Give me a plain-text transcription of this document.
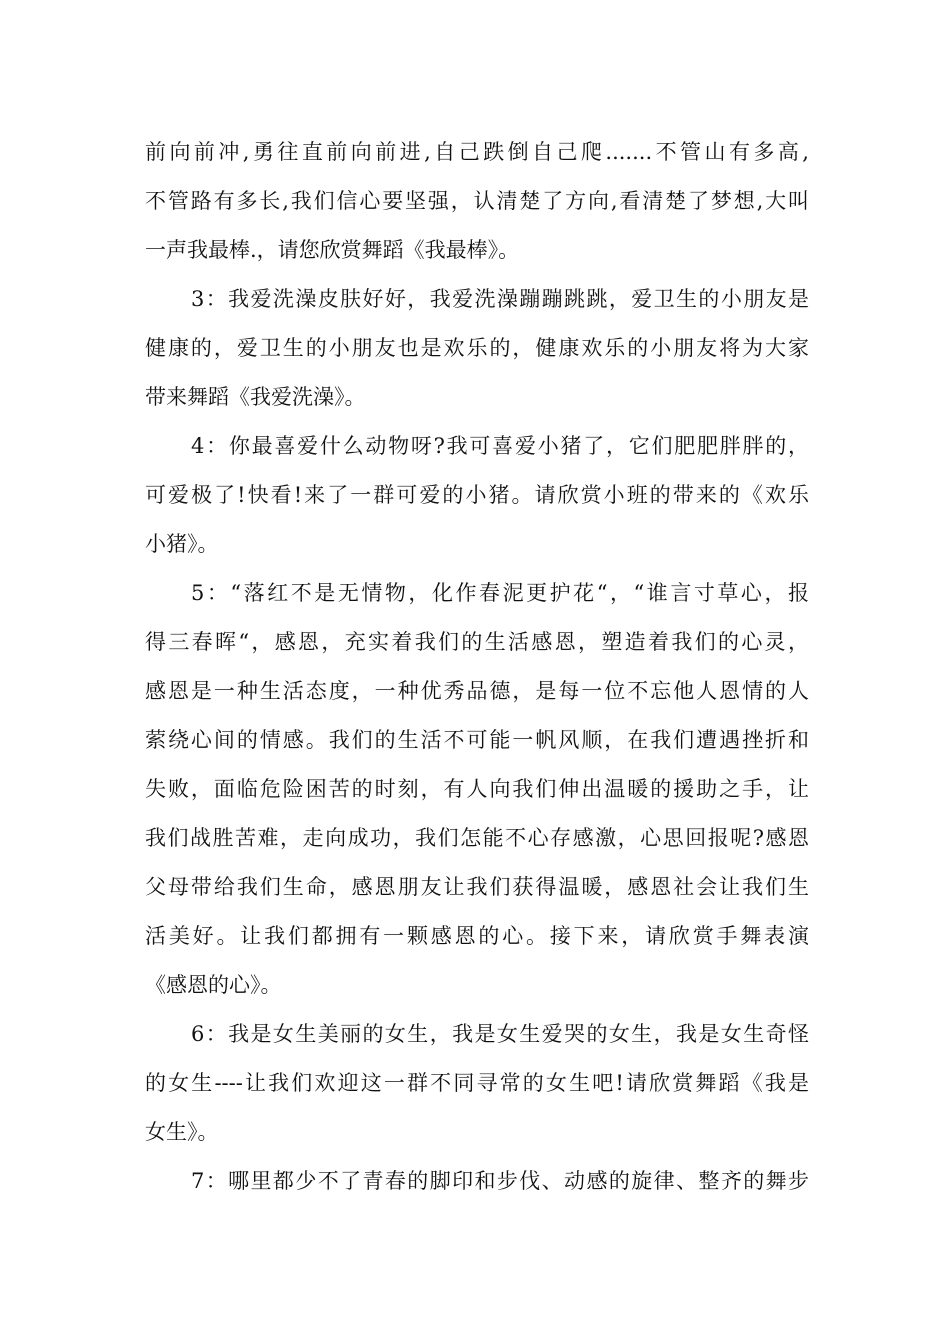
前向前冲,勇往直前向前进,自己跌倒自己爬.......不管山有多高,
不管路有多长,我们信心要坚强，认清楚了方向,看清楚了梦想,大叫
一声我最棒.，请您欣赏舞蹈《我最棒》。
3：我爱洗澡皮肤好好，我爱洗澡蹦蹦跳跳，爱卫生的小朋友是
健康的，爱卫生的小朋友也是欢乐的，健康欢乐的小朋友将为大家
带来舞蹈《我爱洗澡》。
4：你最喜爱什么动物呀?我可喜爱小猪了，它们肥肥胖胖的，
可爱极了!快看!来了一群可爱的小猪。请欣赏小班的带来的《欢乐
小猪》。
5：“落红不是无情物，化作春泥更护花“，“谁言寸草心，报
得三春晖“，感恩，充实着我们的生活感恩，塑造着我们的心灵，
感恩是一种生活态度，一种优秀品德，是每一位不忘他人恩情的人
萦绕心间的情感。我们的生活不可能一帆风顺，在我们遭遇挫折和
失败，面临危险困苦的时刻，有人向我们伸出温暖的援助之手，让
我们战胜苦难，走向成功，我们怎能不心存感激，心思回报呢?感恩
父母带给我们生命，感恩朋友让我们获得温暖，感恩社会让我们生
活美好。让我们都拥有一颗感恩的心。接下来，请欣赏手舞表演
《感恩的心》。
6：我是女生美丽的女生，我是女生爱哭的女生，我是女生奇怪
的女生----让我们欢迎这一群不同寻常的女生吧!请欣赏舞蹈《我是
女生》。
7：哪里都少不了青春的脚印和步伐、动感的旋律、整齐的舞步
